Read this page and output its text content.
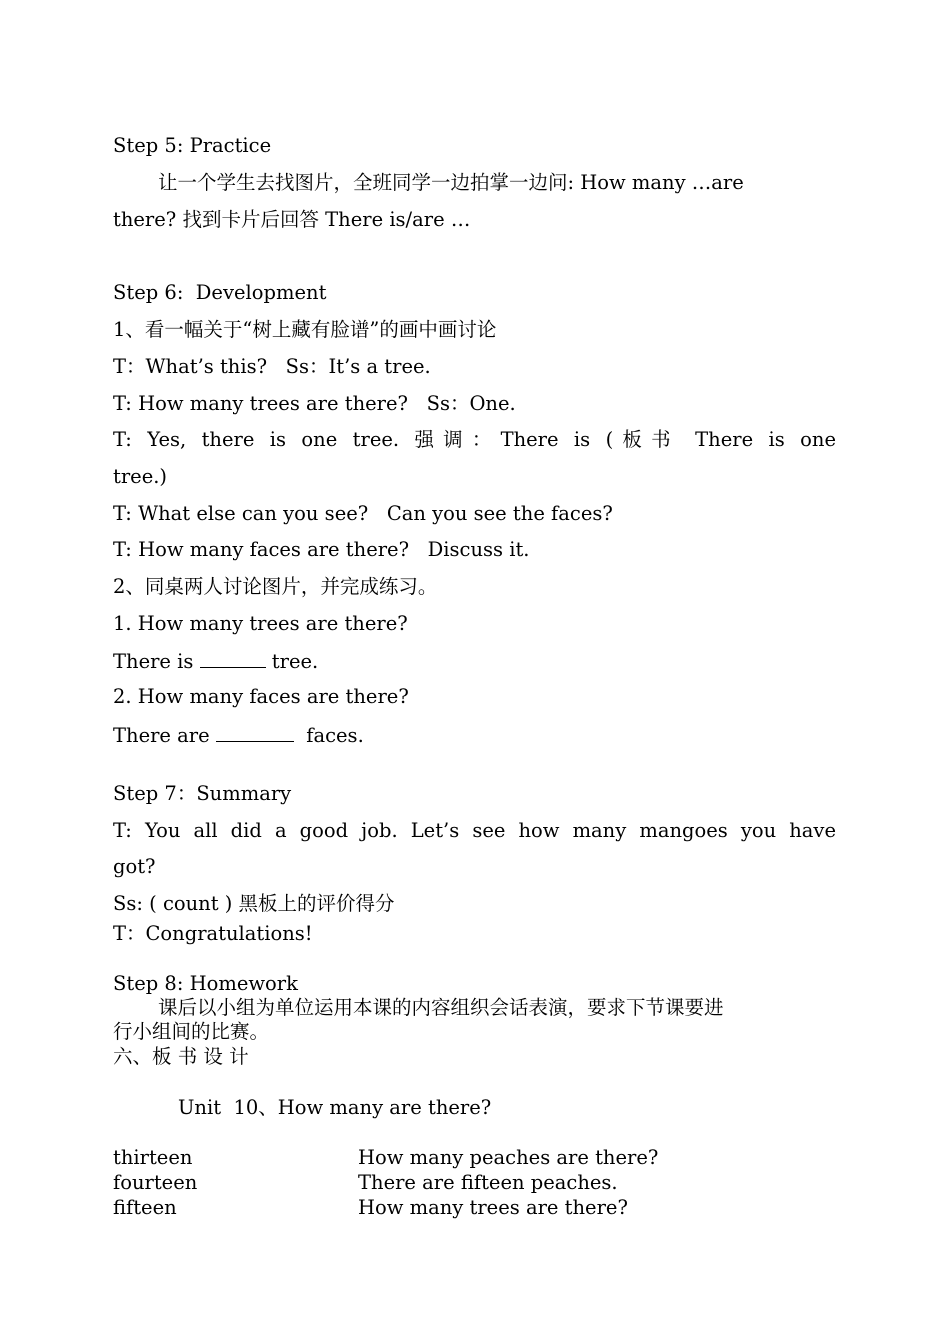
Step 5: Practice
让一个学生去找图片，全班同学一边拍掌一边问: How many …are
there? 找到卡片后回答 There is/are …
Step 6:  Development
1、看一幅关于“树上藏有脸谱”的画中画讨论
T：What’s this?   Ss：It’s a tree.
T: How many trees are there?   Ss：One.
T: Yes, there is one tree. 强调：There is (板书 There is one
tree.)
T: What else can you see?   Can you see the faces?
T: How many faces are there?   Discuss it.
2、同桌两人讨论图片，并完成练习。
1. How many trees are there?
There is	tree.
2. How many faces are there?
There are	faces.
Step 7：Summary
T: You all did a good job. Let’s see how many mangoes you have
got?
Ss: ( count ) 黑板上的评价得分
T：Congratulations!
Step 8: Homework
课后以小组为单位运用本课的内容组织会话表演，要求下节课要进
行小组间的比赛。
六、板 书 设 计
Unit  10、How many are there?
thirteen	How many peaches are there?
fourteen	There are fifteen peaches.
fifteen	How many trees are there?
